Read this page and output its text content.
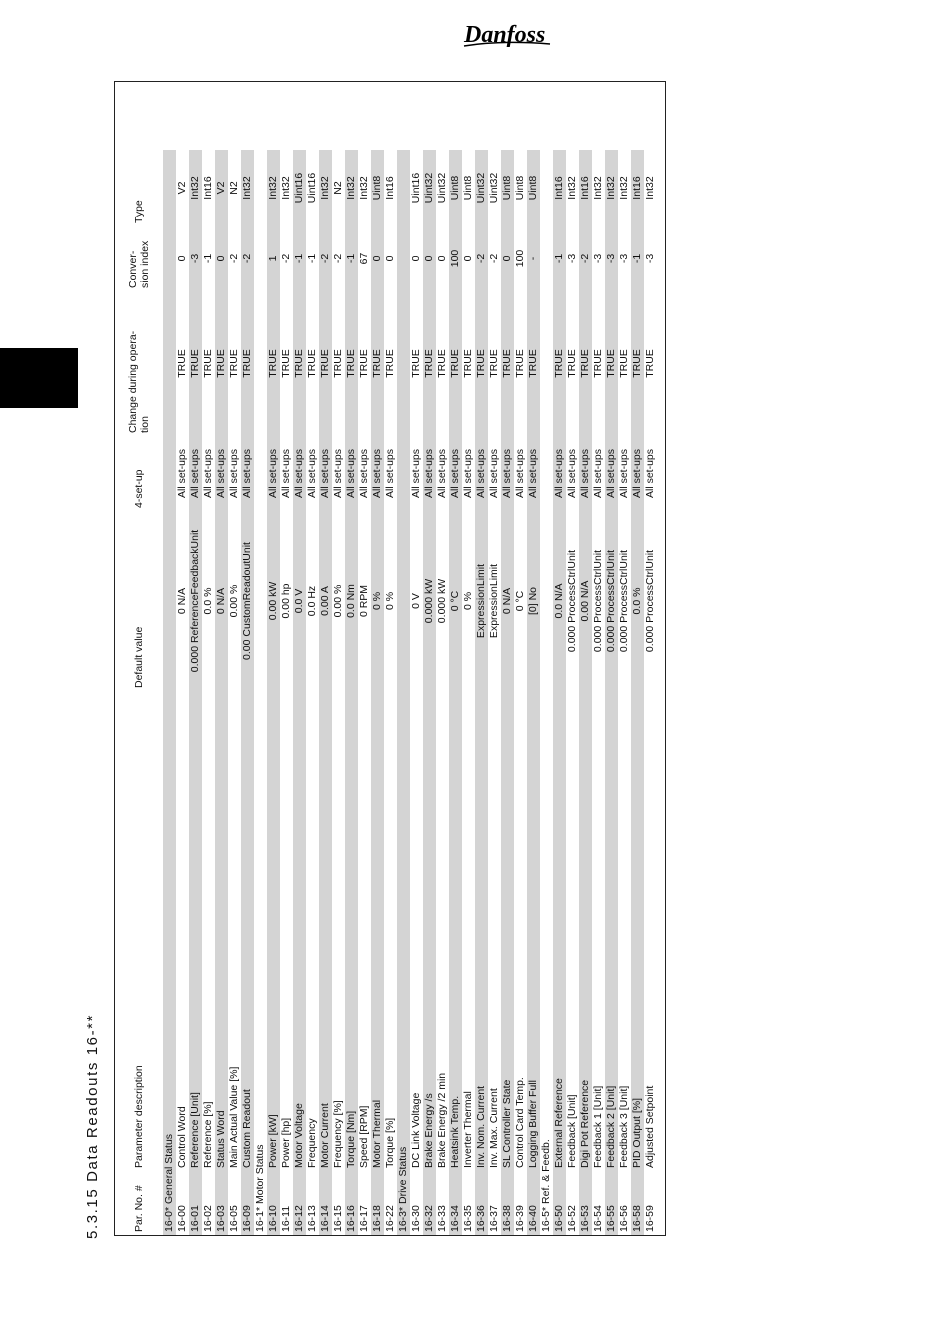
Danfoss
5.3.15 Data Readouts 16-**	Par. No. #	Parameter description	Default value	4-set-up	Change during opera-
tion	Conver-
sion index	Type
16-0* General Status						
16-00	Control Word	0 N/A	All set-ups	TRUE	0	V2
16-01	Reference [Unit]	0.000 ReferenceFeedbackUnit	All set-ups	TRUE	-3	Int32
16-02	Reference [%]	0.0 %	All set-ups	TRUE	-1	Int16
16-03	Status Word	0 N/A	All set-ups	TRUE	0	V2
16-05	Main Actual Value [%]	0.00 %	All set-ups	TRUE	-2	N2
16-09	Custom Readout	0.00 CustomReadoutUnit	All set-ups	TRUE	-2	Int32
16-1* Motor Status						
16-10	Power [kW]	0.00 kW	All set-ups	TRUE	1	Int32
16-11	Power [hp]	0.00 hp	All set-ups	TRUE	-2	Int32
16-12	Motor Voltage	0.0 V	All set-ups	TRUE	-1	Uint16
16-13	Frequency	0.0 Hz	All set-ups	TRUE	-1	Uint16
16-14	Motor Current	0.00 A	All set-ups	TRUE	-2	Int32
16-15	Frequency [%]	0.00 %	All set-ups	TRUE	-2	N2
16-16	Torque [Nm]	0.0 Nm	All set-ups	TRUE	-1	Int32
16-17	Speed [RPM]	0 RPM	All set-ups	TRUE	67	Int32
16-18	Motor Thermal	0 %	All set-ups	TRUE	0	Uint8
16-22	Torque [%]	0 %	All set-ups	TRUE	0	Int16
16-3* Drive Status						
16-30	DC Link Voltage	0 V	All set-ups	TRUE	0	Uint16
16-32	Brake Energy /s	0.000 kW	All set-ups	TRUE	0	Uint32
16-33	Brake Energy /2 min	0.000 kW	All set-ups	TRUE	0	Uint32
16-34	Heatsink Temp.	0 °C	All set-ups	TRUE	100	Uint8
16-35	Inverter Thermal	0 %	All set-ups	TRUE	0	Uint8
16-36	Inv. Nom. Current	ExpressionLimit	All set-ups	TRUE	-2	Uint32
16-37	Inv. Max. Current	ExpressionLimit	All set-ups	TRUE	-2	Uint32
16-38	SL Controller State	0 N/A	All set-ups	TRUE	0	Uint8
16-39	Control Card Temp.	0 °C	All set-ups	TRUE	100	Uint8
16-40	Logging Buffer Full	[0] No	All set-ups	TRUE	-	Uint8
16-5* Ref. & Feedb.						
16-50	External Reference	0.0 N/A	All set-ups	TRUE	-1	Int16
16-52	Feedback [Unit]	0.000 ProcessCtrlUnit	All set-ups	TRUE	-3	Int32
16-53	Digi Pot Reference	0.00 N/A	All set-ups	TRUE	-2	Int16
16-54	Feedback 1 [Unit]	0.000 ProcessCtrlUnit	All set-ups	TRUE	-3	Int32
16-55	Feedback 2 [Unit]	0.000 ProcessCtrlUnit	All set-ups	TRUE	-3	Int32
16-56	Feedback 3 [Unit]	0.000 ProcessCtrlUnit	All set-ups	TRUE	-3	Int32
16-58	PID Output [%]	0.0 %	All set-ups	TRUE	-1	Int16
16-59	Adjusted Setpoint	0.000 ProcessCtrlUnit	All set-ups	TRUE	-3	Int32
